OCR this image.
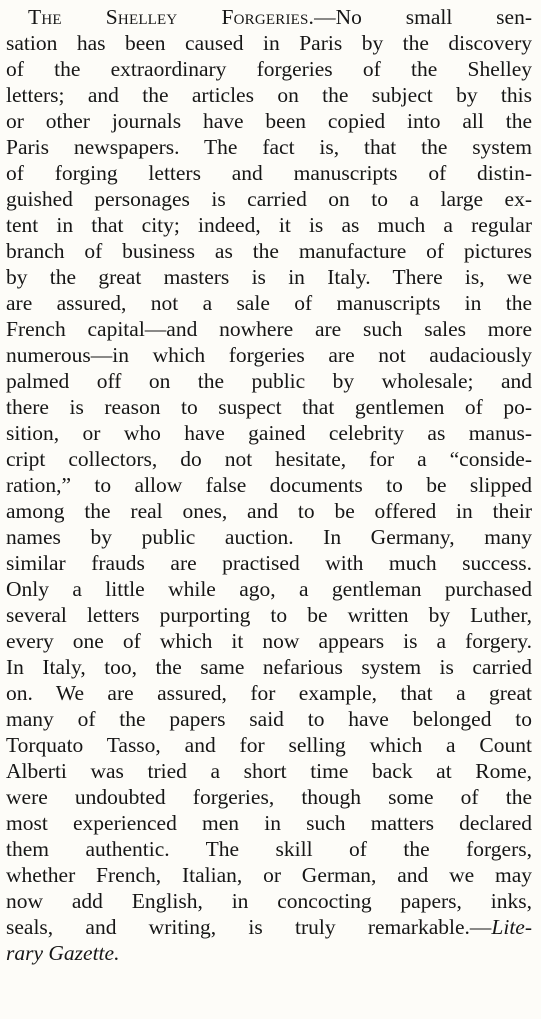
The Shelley Forgeries.—No small sen-
sation has been caused in Paris by the discovery
of the extraordinary forgeries of the Shelley
letters; and the articles on the subject by this
or other journals have been copied into all the
Paris newspapers. The fact is, that the system
of forging letters and manuscripts of distin-
guished personages is carried on to a large ex-
tent in that city; indeed, it is as much a regular
branch of business as the manufacture of pictures
by the great masters is in Italy. There is, we
are assured, not a sale of manuscripts in the
French capital—and nowhere are such sales more
numerous—in which forgeries are not audaciously
palmed off on the public by wholesale; and
there is reason to suspect that gentlemen of po-
sition, or who have gained celebrity as manus-
cript collectors, do not hesitate, for a “conside-
ration,” to allow false documents to be slipped
among the real ones, and to be offered in their
names by public auction. In Germany, many
similar frauds are practised with much success.
Only a little while ago, a gentleman purchased
several letters purporting to be written by Luther,
every one of which it now appears is a forgery.
In Italy, too, the same nefarious system is carried
on. We are assured, for example, that a great
many of the papers said to have belonged to
Torquato Tasso, and for selling which a Count
Alberti was tried a short time back at Rome,
were undoubted forgeries, though some of the
most experienced men in such matters declared
them authentic. The skill of the forgers,
whether French, Italian, or German, and we may
now add English, in concocting papers, inks,
seals, and writing, is truly remarkable.—Lite-
rary Gazette.
